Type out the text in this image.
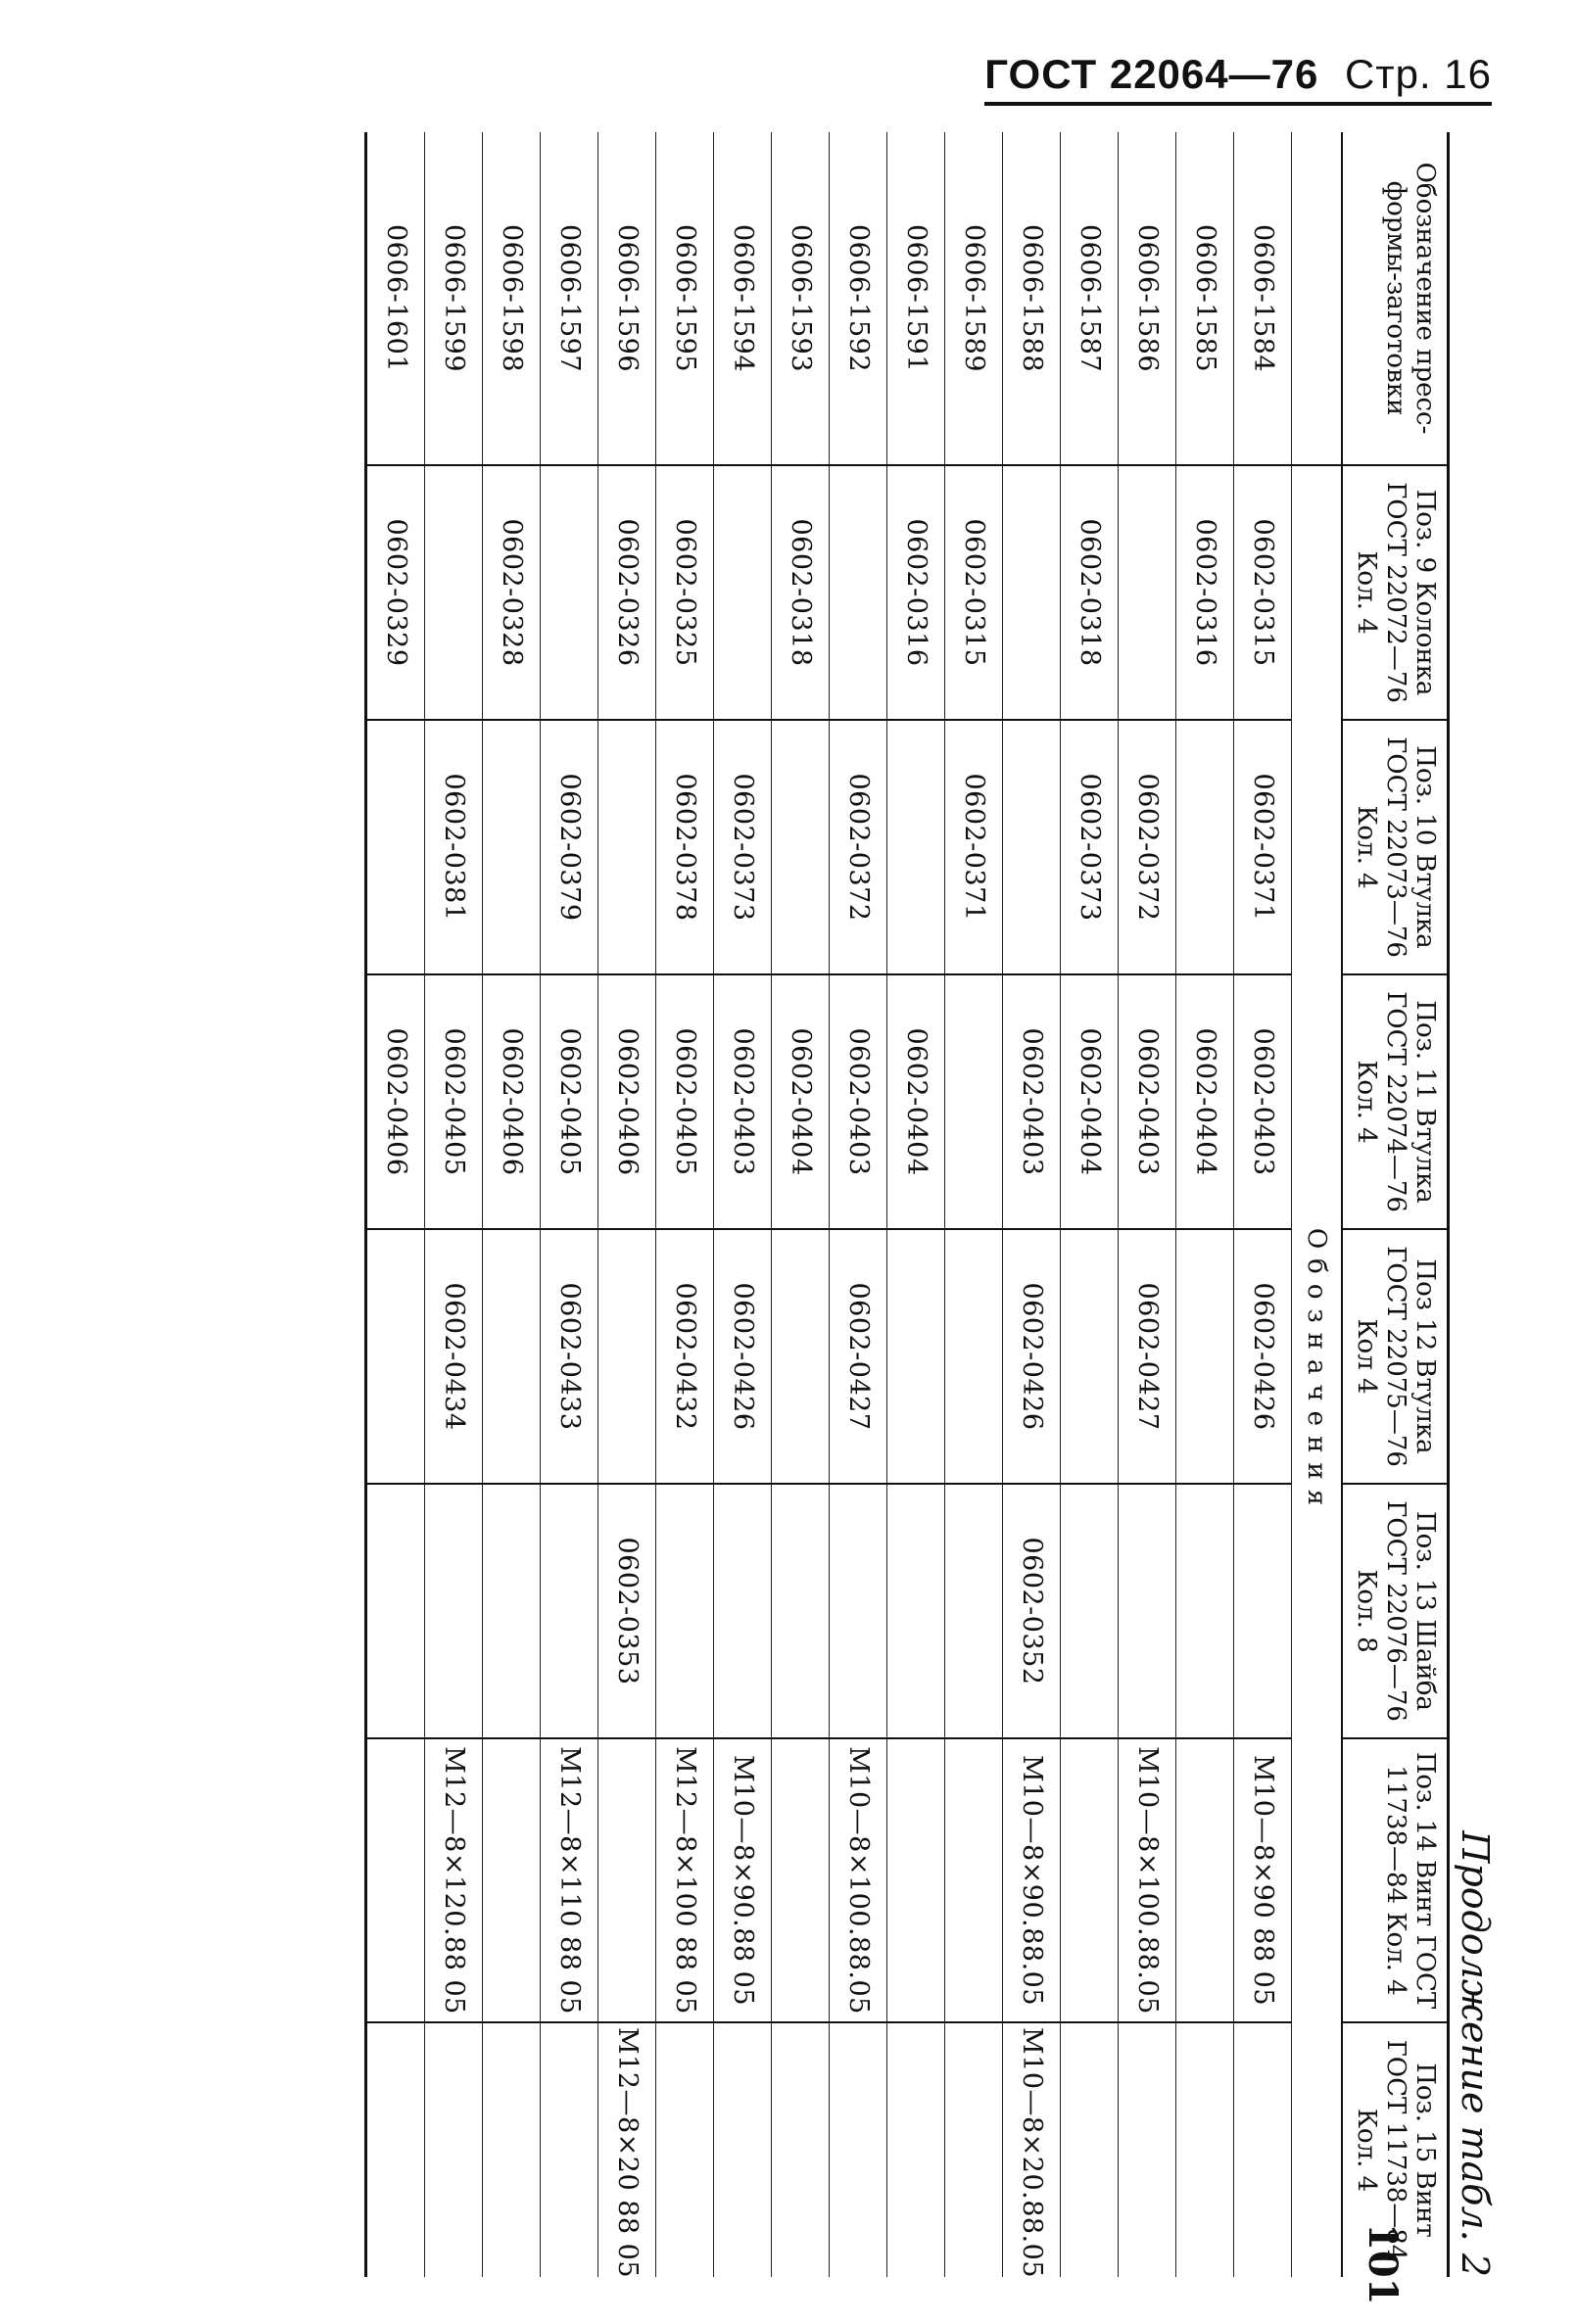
ГОСТ 22064—76 Стр. 16
Продолжение табл. 2
Обозначение пресс-формы-заготовки	Поз. 9 Колонка ГОСТ 22072—76 Кол. 4	Поз. 10 Втулка ГОСТ 22073—76 Кол. 4	Поз. 11 Втулка ГОСТ 22074—76 Кол. 4	Поз 12 Втулка ГОСТ 22075—76 Кол 4	Поз. 13 Шайба ГОСТ 22076—76 Кол. 8	Поз. 14 Винт ГОСТ 11738—84 Кол. 4	Поз. 15 Винт ГОСТ 11738—84 Кол. 4
	Обозначения						
0606-1584	0602-0315	0602-0371	0602-0403	0602-0426		M10—8×90 88 05	
0606-1585	0602-0316		0602-0404				
0606-1586		0602-0372	0602-0403	0602-0427		M10—8×100.88.05	
0606-1587	0602-0318	0602-0373	0602-0404				
0606-1588			0602-0403	0602-0426	0602-0352	M10—8×90.88.05	M10—8×20.88.05
0606-1589	0602-0315	0602-0371					
0606-1591	0602-0316		0602-0404				
0606-1592		0602-0372	0602-0403	0602-0427		M10—8×100.88.05	
0606-1593	0602-0318		0602-0404				
0606-1594		0602-0373	0602-0403	0602-0426		M10—8×90.88 05	
0606-1595	0602-0325	0602-0378	0602-0405	0602-0432		M12—8×100 88 05	
0606-1596	0602-0326		0602-0406		0602-0353		M12—8×20 88 05
0606-1597		0602-0379	0602-0405	0602-0433		M12—8×110 88 05	
0606-1598	0602-0328		0602-0406				
0606-1599		0602-0381	0602-0405	0602-0434		M12—8×120.88 05	
0606-1601	0602-0329		0602-0406				
101
